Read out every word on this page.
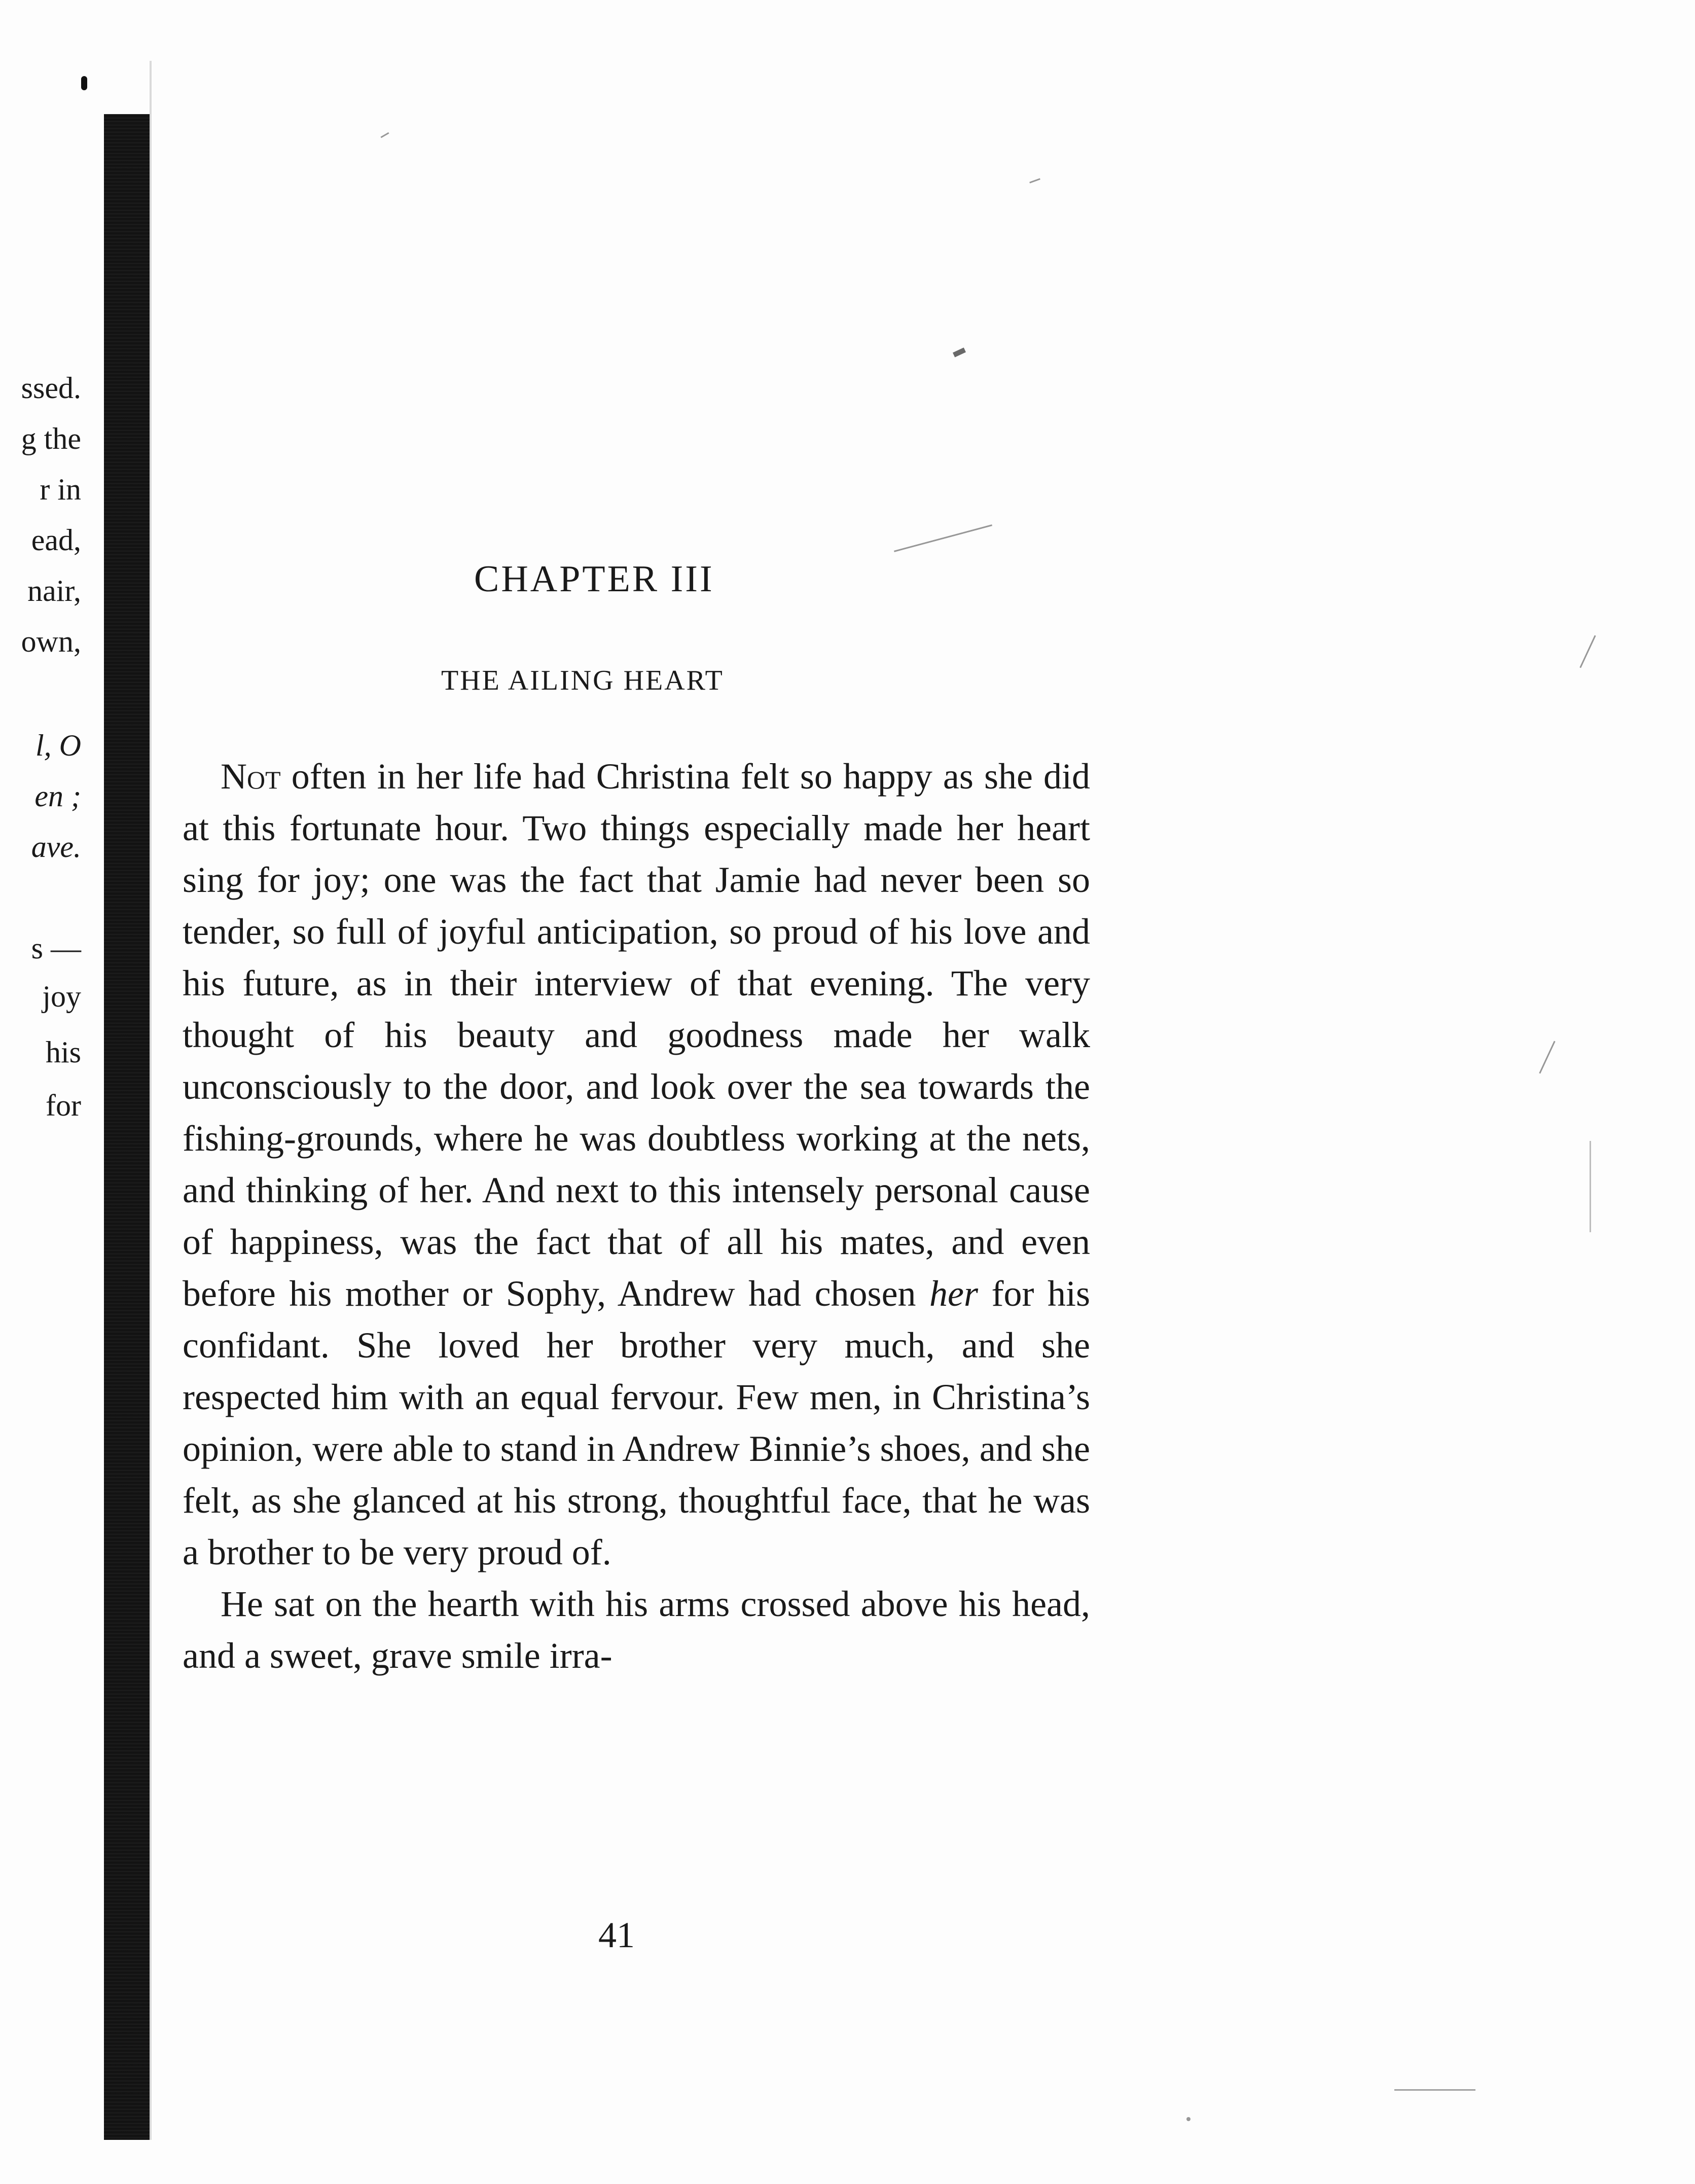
ssed.
g the
r in
ead,
nair,
own,
l, O
en ;
ave.
s —
joy
his
for
CHAPTER III
THE AILING HEART

Not often in her life had Christina felt so happy as she did at this fortunate hour. Two things especially made her heart sing for joy; one was the fact that Jamie had never been so tender, so full of joyful anticipation, so proud of his love and his future, as in their interview of that evening. The very thought of his beauty and goodness made her walk unconsciously to the door, and look over the sea towards the fishing-grounds, where he was doubtless working at the nets, and thinking of her. And next to this intensely personal cause of happiness, was the fact that of all his mates, and even before his mother or Sophy, Andrew had chosen her for his confidant. She loved her brother very much, and she respected him with an equal fervour. Few men, in Christina’s opinion, were able to stand in Andrew Binnie’s shoes, and she felt, as she glanced at his strong, thoughtful face, that he was a brother to be very proud of.

He sat on the hearth with his arms crossed above his head, and a sweet, grave smile irra-

41
